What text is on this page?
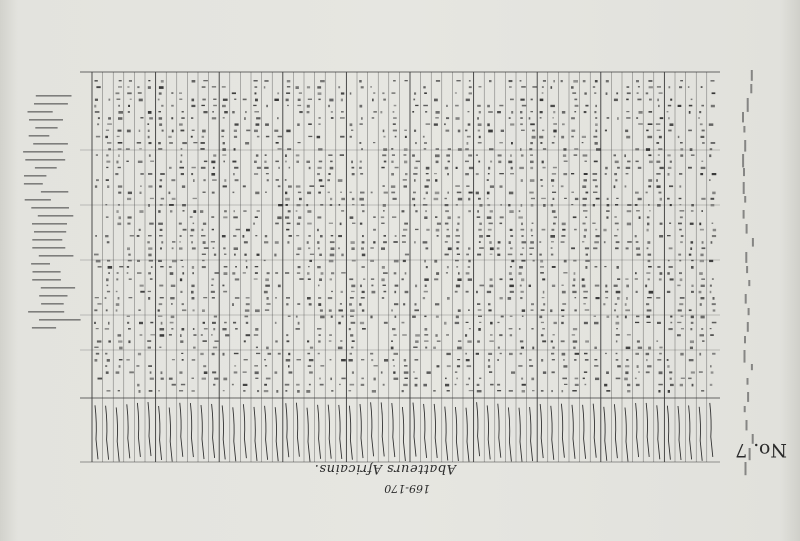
169-170
Abatteurs Africains.
No. 7
